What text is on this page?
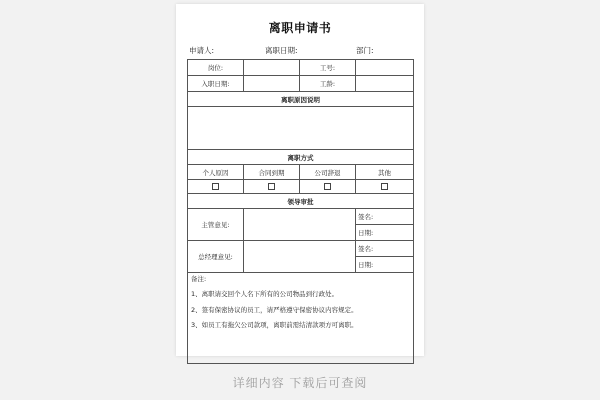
离职申请书
申请人:	离职日期:	部门:
岗位:		工号:	
入职日期:		工龄:	
离职原因说明			

离职方式			
个人原因	合同到期	公司辞退	其他

领导审批			
主管意见:			签名:
			日期:
总经理意见:			签名:
			日期:

备注:
1、离职请交回个人名下所有的公司物品到行政处。
2、签有保密协议的员工，请严格遵守保密协议内容规定。
3、如员工有拖欠公司款项，离职前需结清款项方可离职。			
详细内容 下载后可查阅
